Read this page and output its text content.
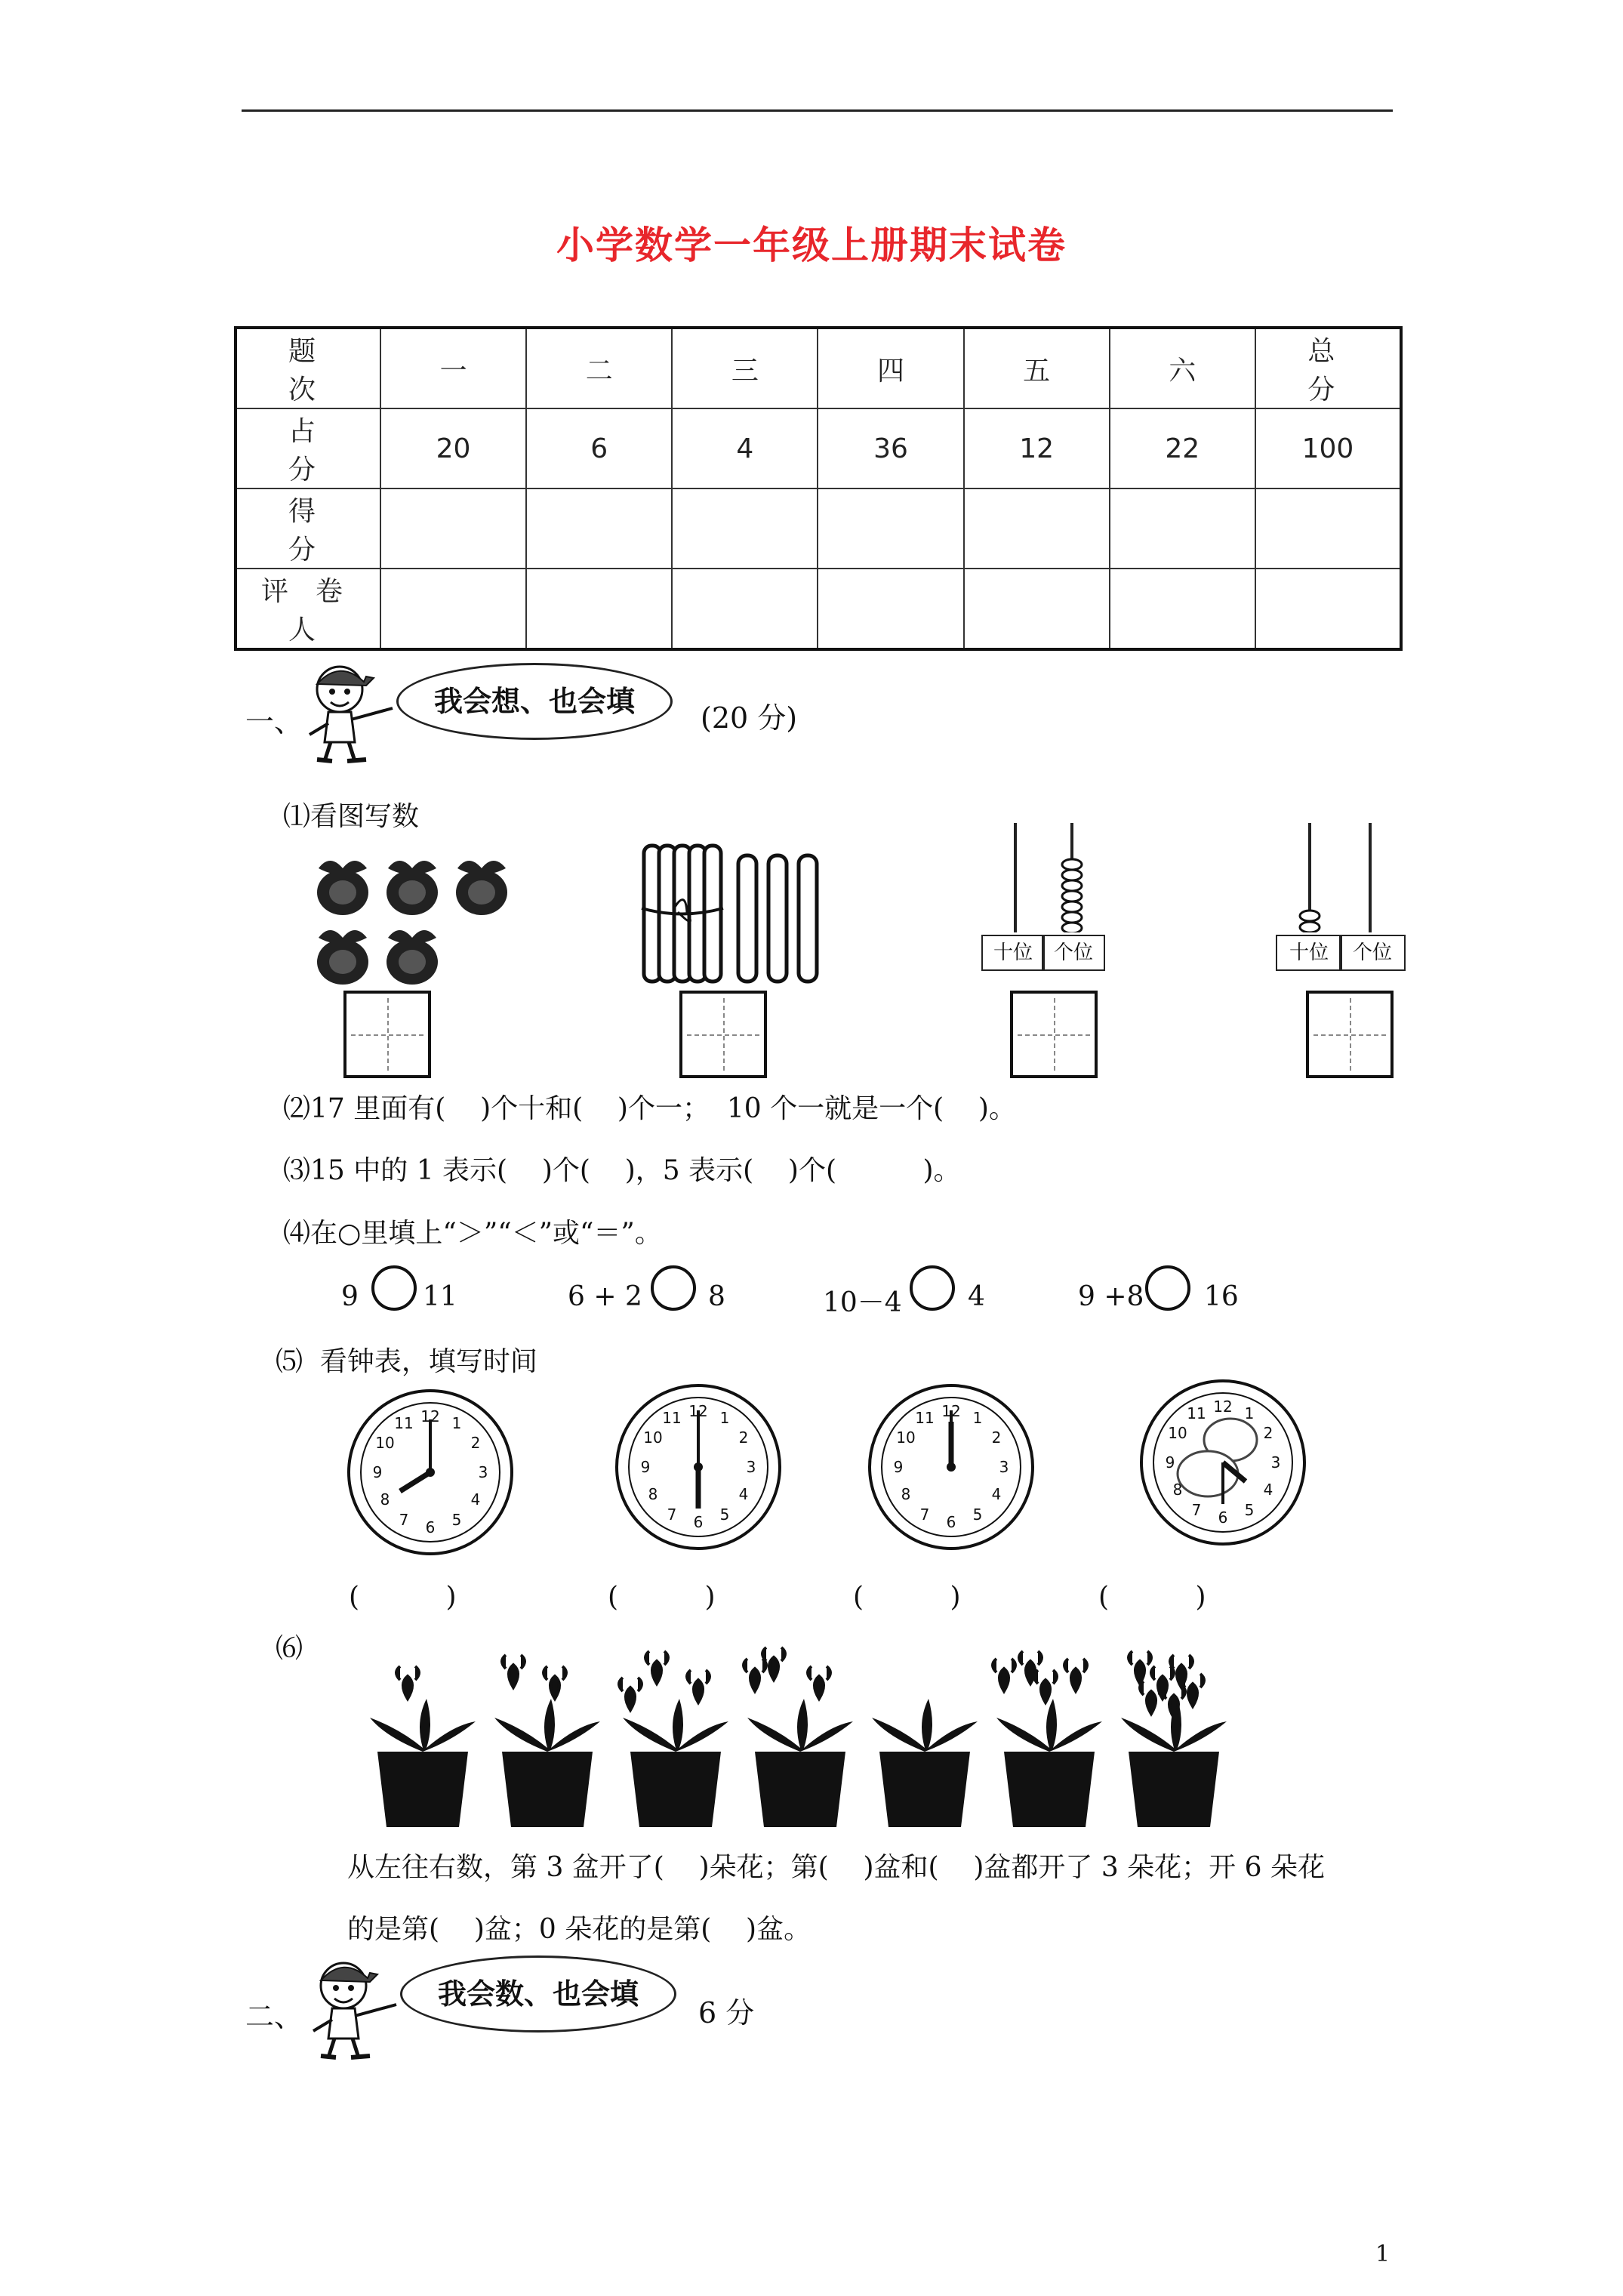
小学数学一年级上册期末试卷
题 次	一	二	三	四	五	六	总 分
占 分	20	6	4	36	12	22	100
得 分							
评卷人							
一、
我会想、也会填	(20 分)
⑴看图写数
十位	个位	十位	个位
⑵17 里面有(    )个十和(    )个一；  10 个一就是一个(    )。
⑶15 中的 1 表示(    )个(    )，5 表示(    )个(          )。
⑷在○里填上“＞”“＜”或“＝”。
9 11	6 + 2 8	10－4 4	9 +8 16
⑸  看钟表，填写时间
(          )	(          )	(          )	(          )
⑹
从左往右数，第 3 盆开了(    )朵花；第(    )盆和(    )盆都开了 3 朵花；开 6 朵花
的是第(    )盆；0 朵花的是第(    )盆。
二、
我会数、也会填
6 分
1
